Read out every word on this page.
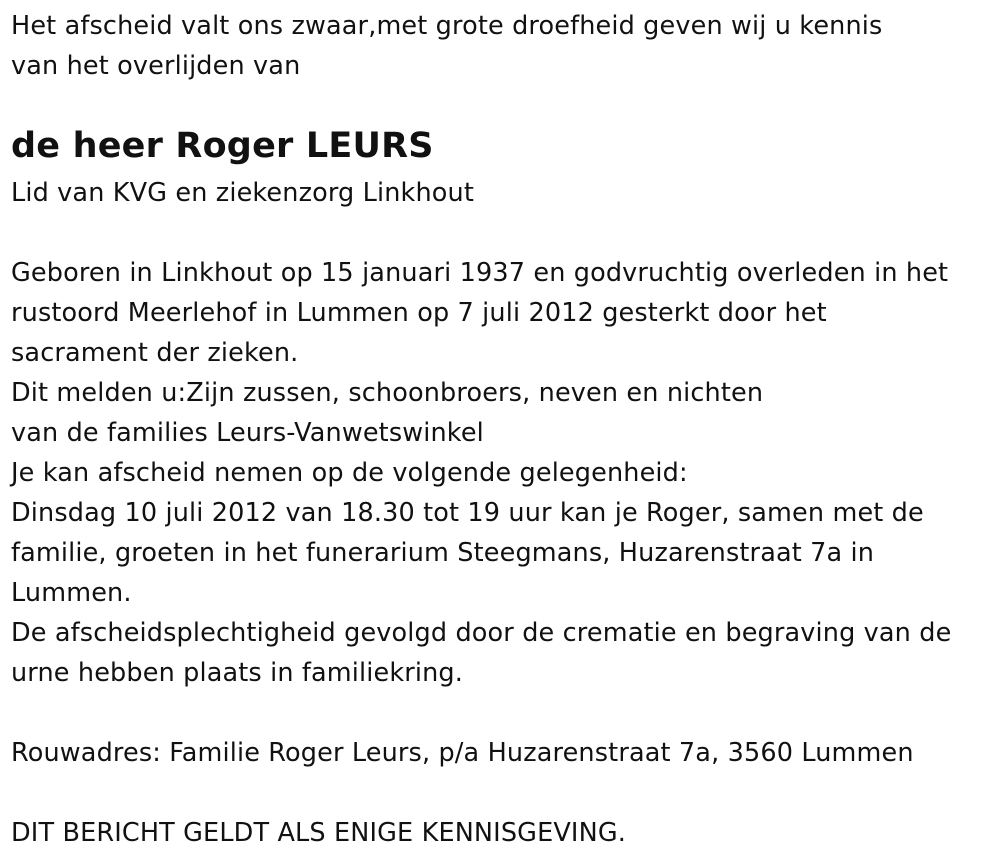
Het afscheid valt ons zwaar,met grote droefheid geven wij u kennis

van het overlijden van

de heer Roger LEURS

Lid van KVG en ziekenzorg Linkhout

Geboren in Linkhout op 15 januari 1937 en godvruchtig overleden in het

rustoord Meerlehof in Lummen op 7 juli 2012 gesterkt door het

sacrament der zieken.

Dit melden u:Zijn zussen, schoonbroers, neven en nichten

van de families Leurs-Vanwetswinkel

Je kan afscheid nemen op de volgende gelegenheid:

Dinsdag 10 juli 2012 van 18.30 tot 19 uur kan je Roger, samen met de

familie, groeten in het funerarium Steegmans, Huzarenstraat 7a in

Lummen.

De afscheidsplechtigheid gevolgd door de crematie en begraving van de

urne hebben plaats in familiekring.

Rouwadres: Familie Roger Leurs, p/a Huzarenstraat 7a, 3560 Lummen

DIT BERICHT GELDT ALS ENIGE KENNISGEVING.
